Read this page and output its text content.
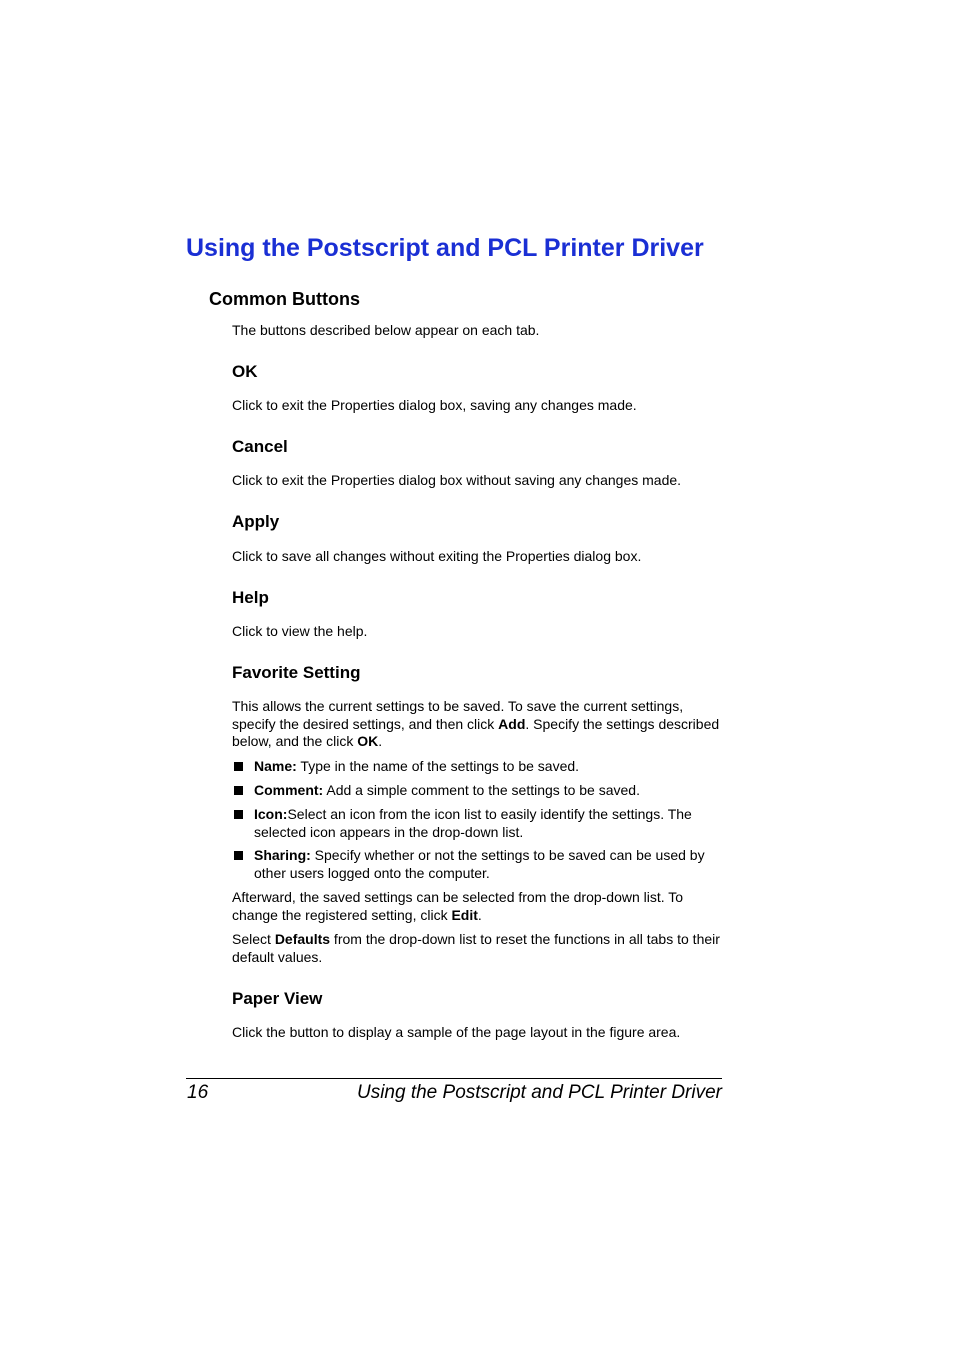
Using the Postscript and PCL Printer Driver
Common Buttons

The buttons described below appear on each tab.

OK

Click to exit the Properties dialog box, saving any changes made.

Cancel

Click to exit the Properties dialog box without saving any changes made.

Apply

Click to save all changes without exiting the Properties dialog box.

Help

Click to view the help.

Favorite Setting

This allows the current settings to be saved. To save the current settings, specify the desired settings, and then click Add. Specify the settings described below, and the click OK.

Name: Type in the name of the settings to be saved.
Comment: Add a simple comment to the settings to be saved.
Icon:Select an icon from the icon list to easily identify the settings. The selected icon appears in the drop-down list.
Sharing: Specify whether or not the settings to be saved can be used by other users logged onto the computer.

Afterward, the saved settings can be selected from the drop-down list. To change the registered setting, click Edit.

Select Defaults from the drop-down list to reset the functions in all tabs to their default values.

Paper View

Click the button to display a sample of the page layout in the figure area.

16	Using the Postscript and PCL Printer Driver
